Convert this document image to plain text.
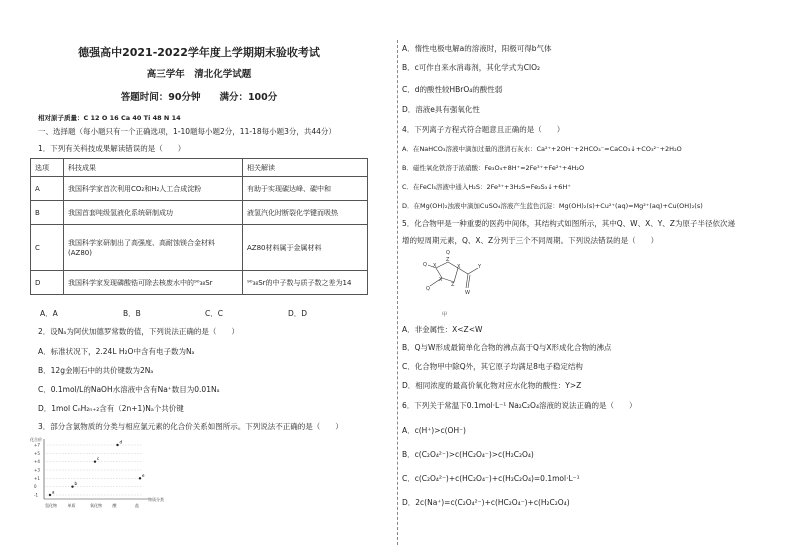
德强高中2021-2022学年度上学期期末验收考试
高三学年　清北化学试题
答题时间：90分钟　　满分：100分
相对原子质量：C 12 O 16 Ca 40 Ti 48 N 14
一、选择题（每小题只有一个正确选项，1-10题每小题2分，11-18每小题3分，共44分）
1．下列有关科技成果解读错误的是（　　）
选项	科技成果	相关解读
A	我国科学家首次利用CO₂和H₂人工合成淀粉	有助于实现碳达峰、碳中和
B	我国首套吨级氢液化系统研制成功	液氢汽化时断裂化学键而吸热
C	我国科学家研制出了高强度、高耐蚀镁合金材料(AZ80)	AZ80材料属于金属材料
D	我国科学家发现磷酸锆可除去核废水中的⁹⁰₃₈Sr	⁹⁰₃₈Sr的中子数与质子数之差为14
A．A	B．B	C．C	D．D
2．设Nₐ为阿伏加德罗常数的值，下列说法正确的是（　　）
A．标准状况下，2.24L H₂O中含有电子数为Nₐ
B．12g金刚石中的共价键数为2Nₐ
C．0.1mol/L的NaOH水溶液中含有Na⁺数目为0.01Nₐ
D．1mol CₙH₂ₙ₊₂含有（2n+1)Nₐ个共价键
3．部分含氯物质的分类与相应氯元素的化合价关系如图所示。下列说法不正确的是（　　）
+7
+5
+4
+3
+1
0
-1
氢化物	单质	氧化物	酸	盐
a
b
c
d
e
化合价
物质分类
A．惰性电极电解a的溶液时，阳极可得b气体
B．c可作自来水消毒剂，其化学式为ClO₂
C．d的酸性较HBrO₄的酸性弱
D．溶液e具有强氧化性
4．下列离子方程式符合题意且正确的是（　　）
A．在NaHCO₃溶液中滴加过量的澄清石灰水：Ca²⁺+2OH⁻+2HCO₃⁻=CaCO₃↓+CO₃²⁻+2H₂O
B．磁性氧化铁溶于浓硝酸：Fe₃O₄+8H⁺=2Fe³⁺+Fe²⁺+4H₂O
C．在FeCl₃溶液中通入H₂S：2Fe³⁺+3H₂S=Fe₂S₃↓+6H⁺
D．在Mg(OH)₂浊液中滴加CuSO₄溶液产生蓝色沉淀：Mg(OH)₂(s)+Cu²⁺(aq)=Mg²⁺(aq)+Cu(OH)₂(s)
5．化合物甲是一种重要的医药中间体，其结构式如图所示，其中Q、W、X、Y、Z为原子半径依次递
增的短周期元素，Q、X、Z分列于三个不同周期。下列说法错误的是（　　）
Q X
X
Z
Z
X	Y
W
Q
Q
甲
A．非金属性：X<Z<W
B．Q与W形成最简单化合物的沸点高于Q与X形成化合物的沸点
C．化合物甲中除Q外，其它原子均满足8电子稳定结构
D．相同浓度的最高价氧化物对应水化物的酸性：Y>Z
6．下列关于常温下0.1mol·L⁻¹ Na₂C₂O₄溶液的说法正确的是（　　）
A．c(H⁺)>c(OH⁻)
B．c(C₂O₄²⁻)>c(HC₂O₄⁻)>c(H₂C₂O₄)
C．c(C₂O₄²⁻)+c(HC₂O₄⁻)+c(H₂C₂O₄)=0.1mol·L⁻¹
D．2c(Na⁺)=c(C₂O₄²⁻)+c(HC₂O₄⁻)+c(H₂C₂O₄)
